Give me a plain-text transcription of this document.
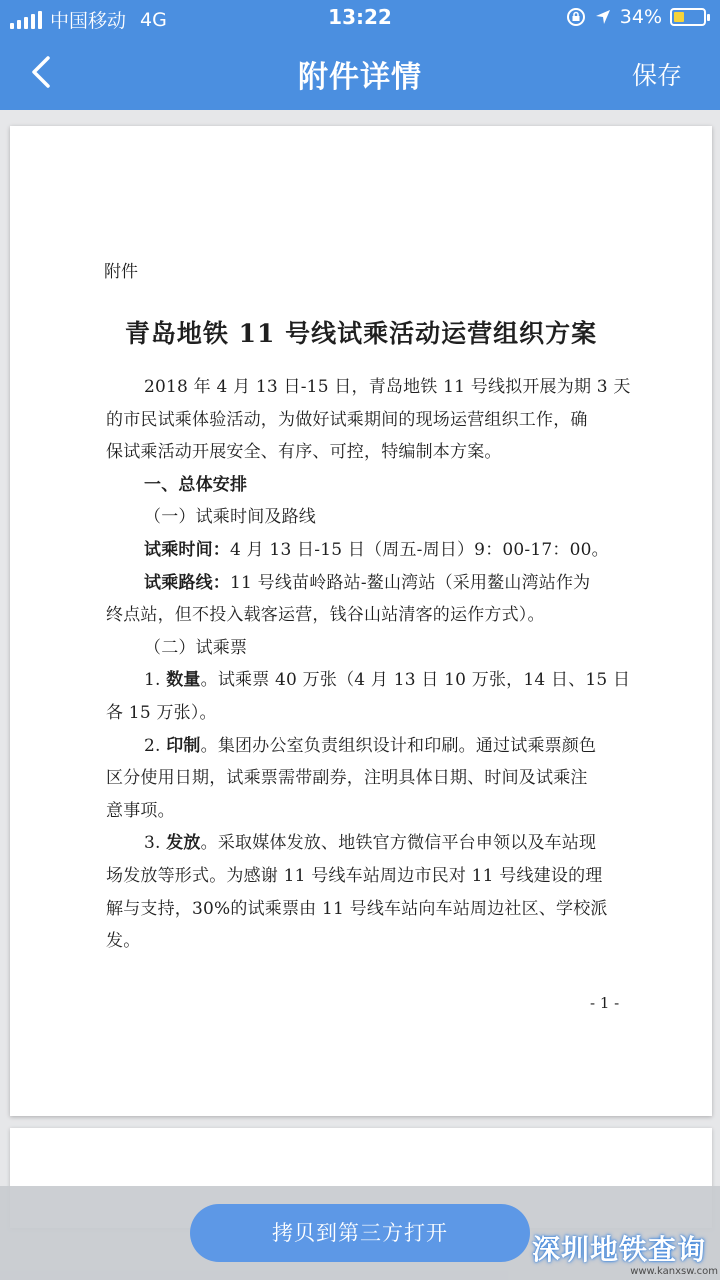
中国移动 4G	13:22	34%
附件详情	保存
附件
青岛地铁 11 号线试乘活动运营组织方案
2018 年 4 月 13 日-15 日，青岛地铁 11 号线拟开展为期 3 天
的市民试乘体验活动，为做好试乘期间的现场运营组织工作，确
保试乘活动开展安全、有序、可控，特编制本方案。
一、总体安排
（一）试乘时间及路线
试乘时间：4 月 13 日-15 日（周五-周日）9：00-17：00。
试乘路线：11 号线苗岭路站-鳌山湾站（采用鳌山湾站作为
终点站，但不投入载客运营，钱谷山站清客的运作方式）。
（二）试乘票
1. 数量。试乘票 40 万张（4 月 13 日 10 万张，14 日、15 日
各 15 万张）。
2. 印制。集团办公室负责组织设计和印刷。通过试乘票颜色
区分使用日期，试乘票需带副券，注明具体日期、时间及试乘注
意事项。
3. 发放。采取媒体发放、地铁官方微信平台申领以及车站现
场发放等形式。为感谢 11 号线车站周边市民对 11 号线建设的理
解与支持，30%的试乘票由 11 号线车站向车站周边社区、学校派
发。
- 1 -
拷贝到第三方打开	深圳地铁查询
www.kanxsw.com
